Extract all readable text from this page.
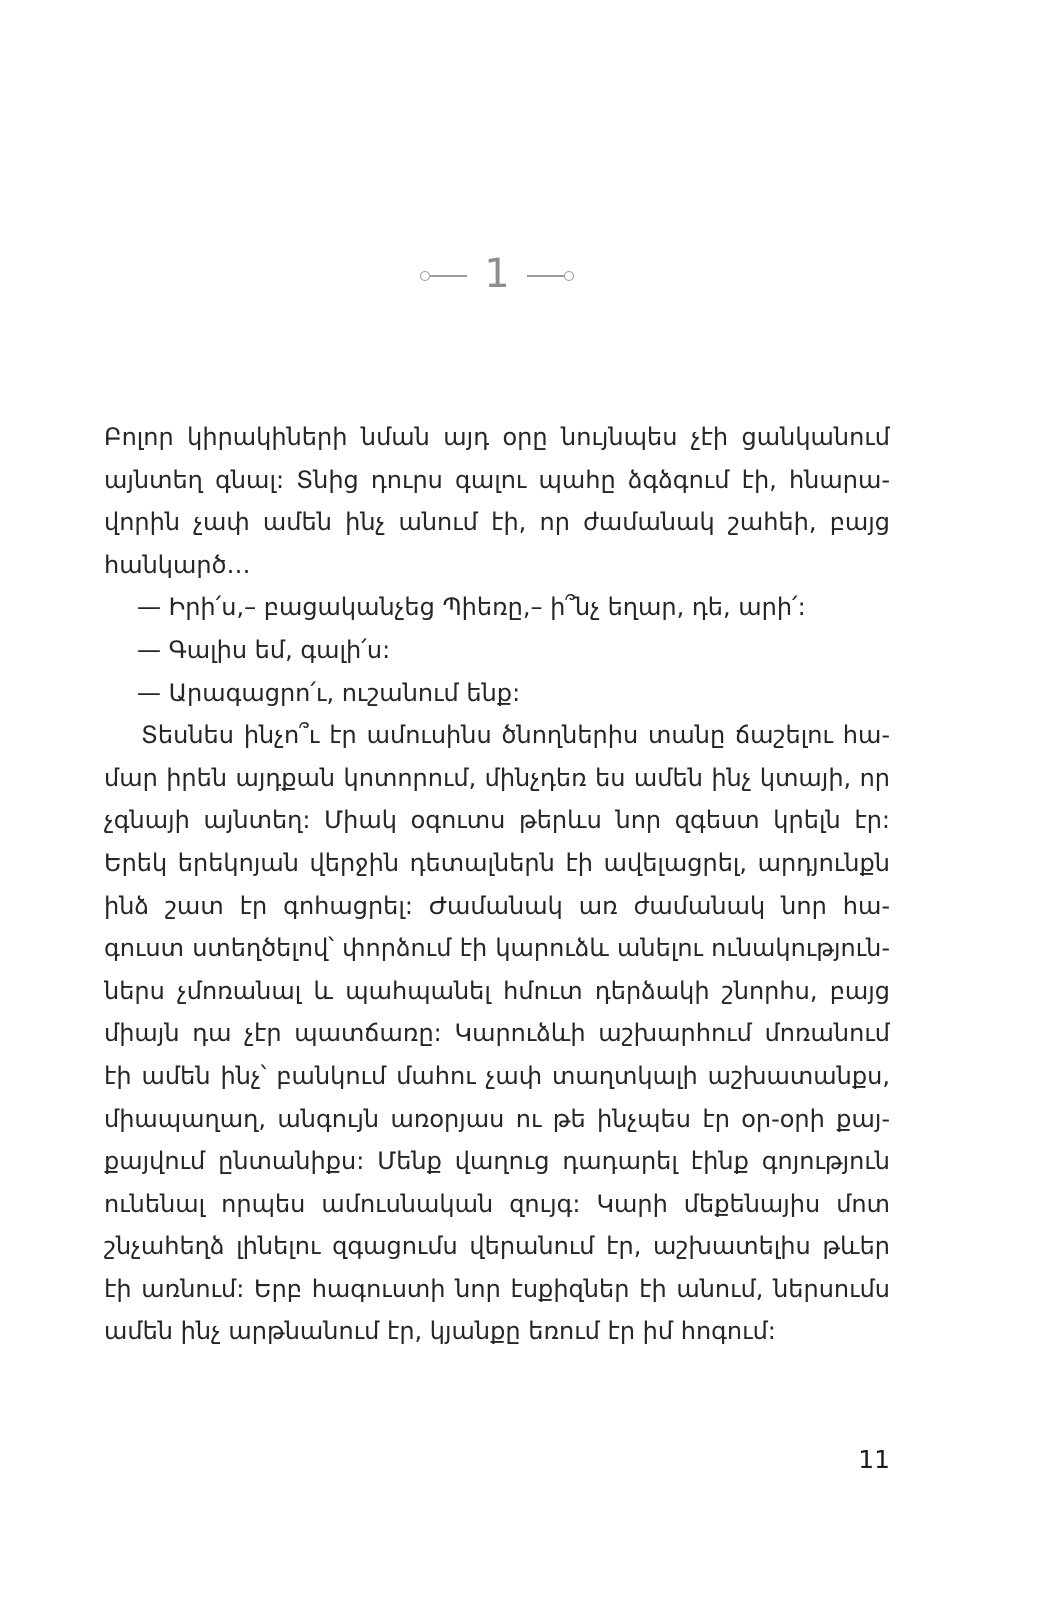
1
Բոլոր կիրակիների նման այդ օրը նույնպես չէի ցանկանում
այնտեղ գնալ: Տնից դուրս գալու պահը ձգձգում էի, հնարա-
վորին չափ ամեն ինչ անում էի, որ ժամանակ շահեի, բայց
հանկարծ…
— Իրի՛ս,– բացականչեց Պիեռը,– ի՞նչ եղար, դե, արի՛:
— Գալիս եմ, գալի՛ս:
— Արագացրո՛ւ, ուշանում ենք:
Տեսնես ինչո՞ւ էր ամուսինս ծնողներիս տանը ճաշելու հա-
մար իրեն այդքան կոտորում, մինչդեռ ես ամեն ինչ կտայի, որ
չգնայի այնտեղ: Միակ օգուտս թերևս նոր զգեստ կրելն էր:
Երեկ երեկոյան վերջին դետալներն էի ավելացրել, արդյունքն
ինձ շատ էր գոհացրել: Ժամանակ առ ժամանակ նոր հա-
գուստ ստեղծելով՝ փորձում էի կարուձև անելու ունակություն-
ներս չմոռանալ և պահպանել հմուտ դերձակի շնորհս, բայց
միայն դա չէր պատճառը: Կարուձևի աշխարհում մոռանում
էի ամեն ինչ՝ բանկում մահու չափ տաղտկալի աշխատանքս,
միապաղաղ, անգույն առօրյաս ու թե ինչպես էր օր-օրի քայ-
քայվում ընտանիքս: Մենք վաղուց դադարել էինք գոյություն
ունենալ որպես ամուսնական զույգ: Կարի մեքենայիս մոտ
շնչահեղձ լինելու զգացումս վերանում էր, աշխատելիս թևեր
էի առնում: Երբ հագուստի նոր էսքիզներ էի անում, ներսումս
ամեն ինչ արթնանում էր, կյանքը եռում էր իմ հոգում:
11
